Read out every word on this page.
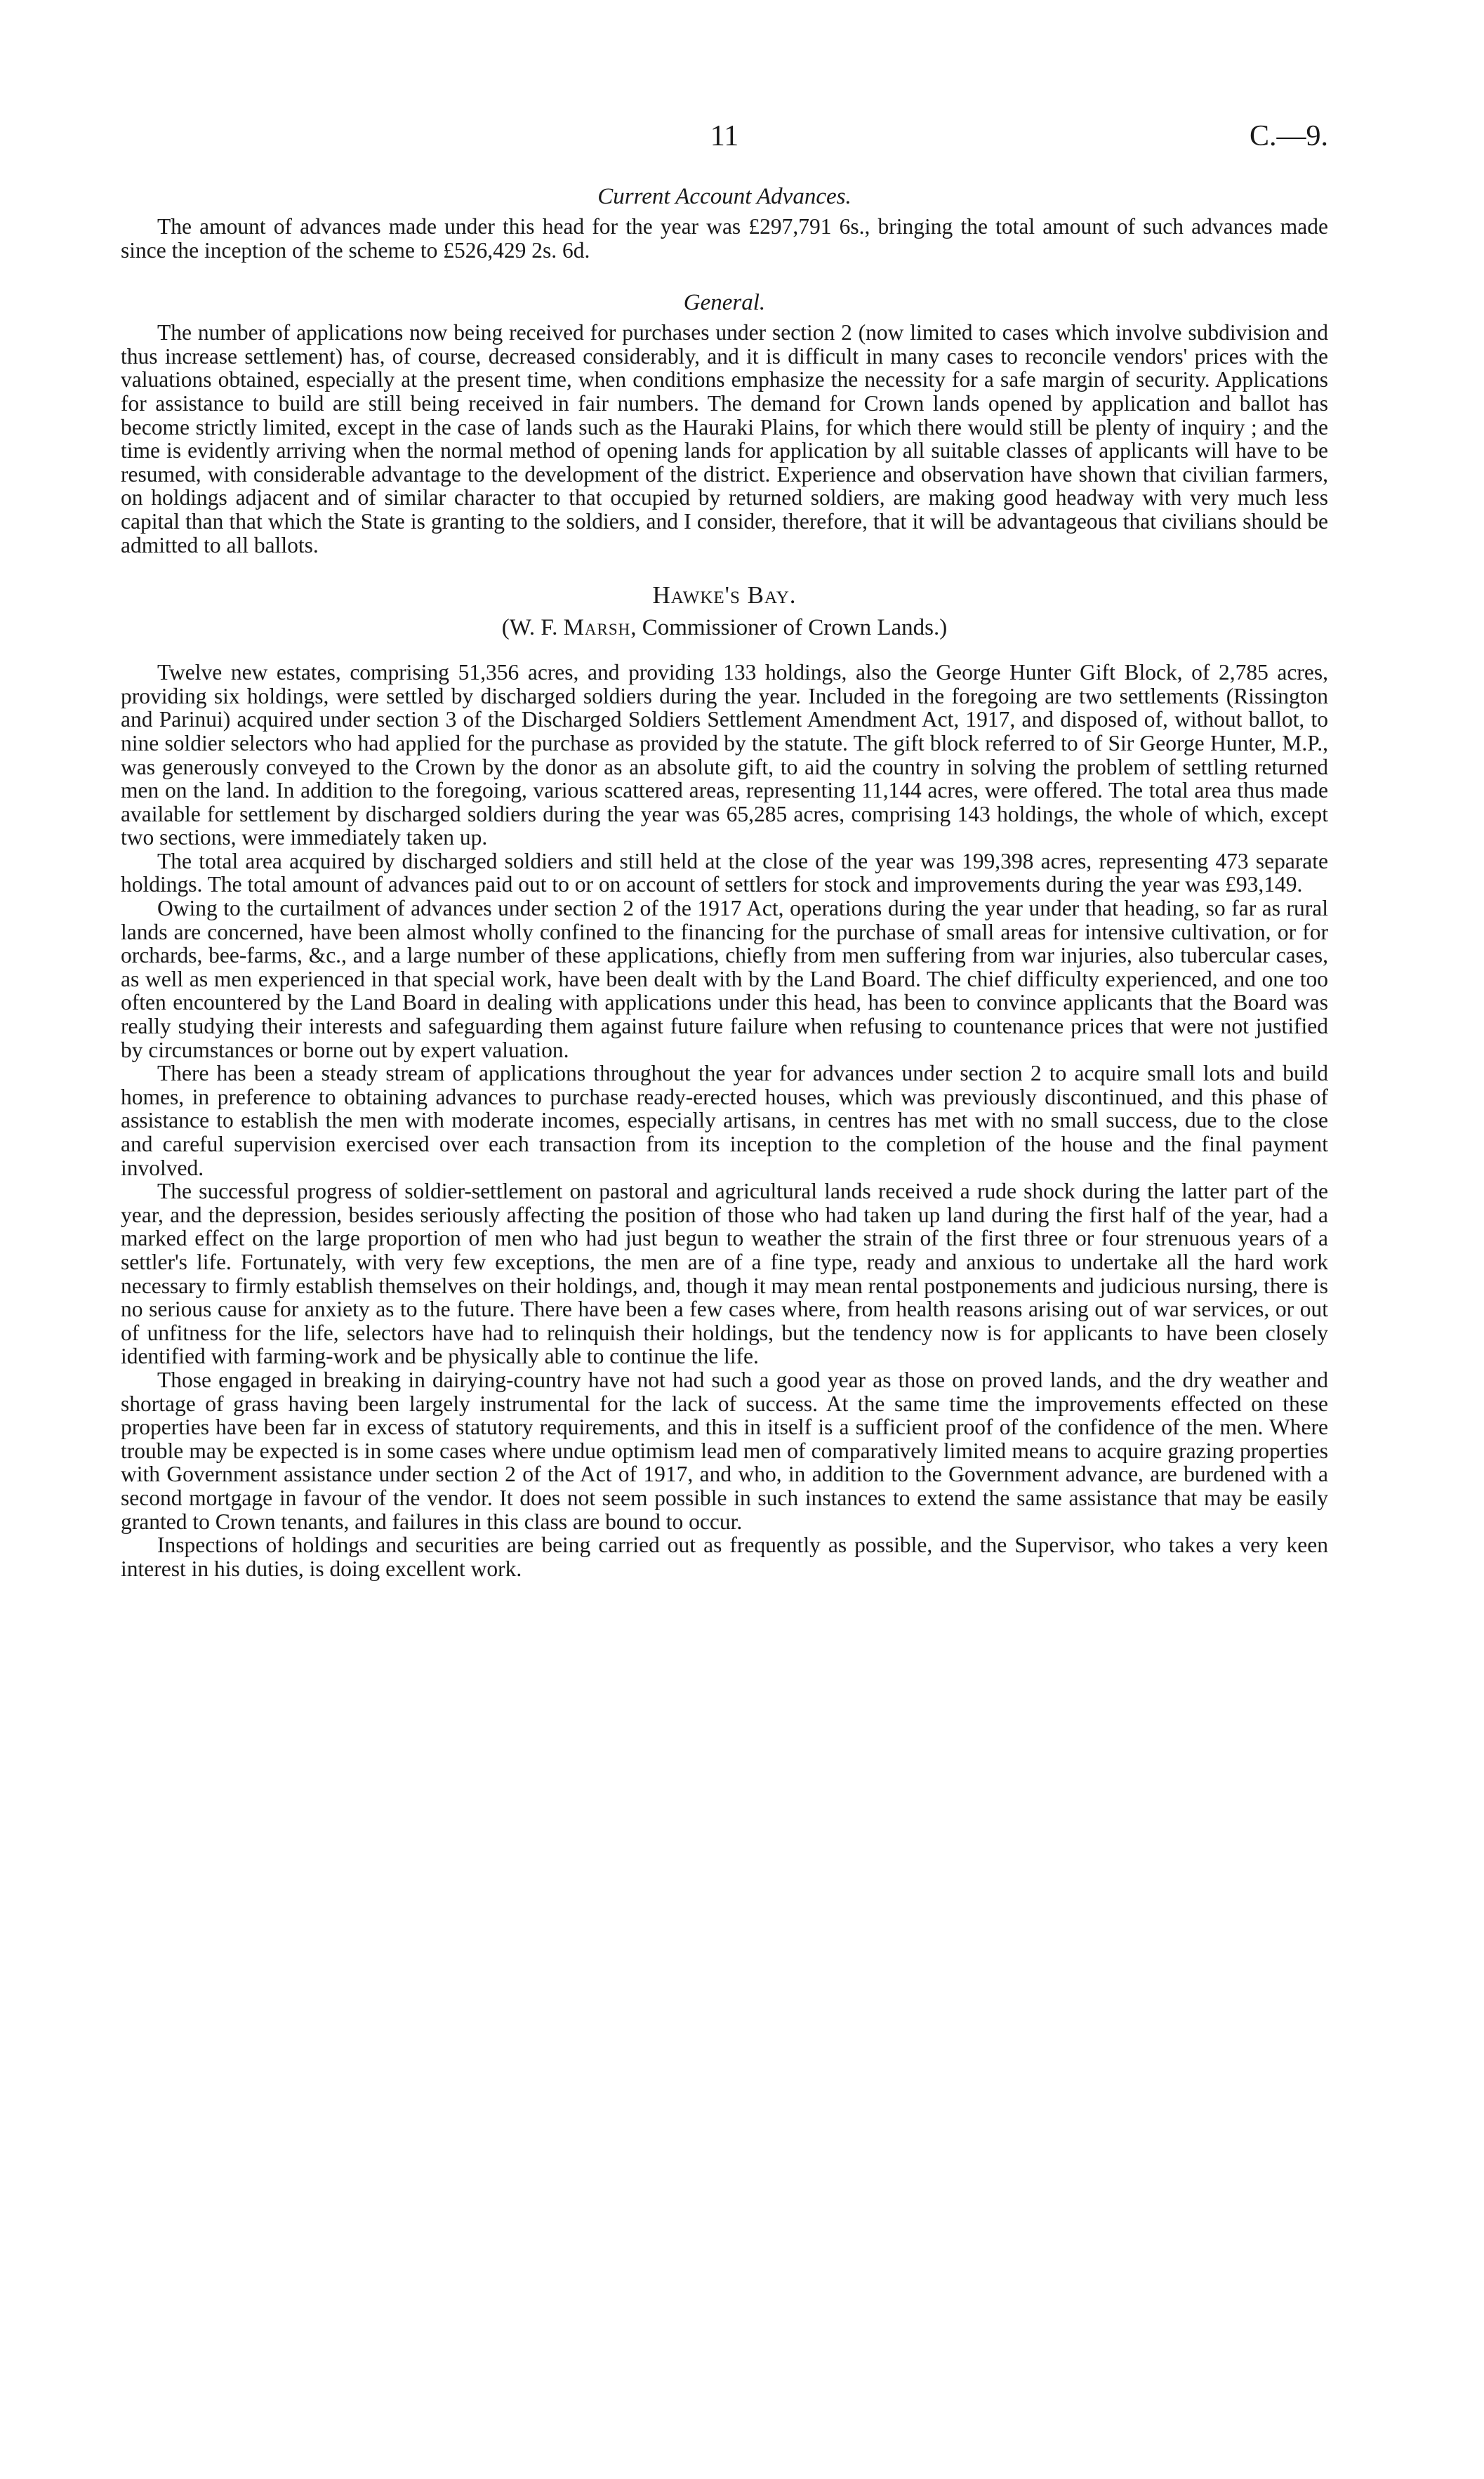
11	C.—9.
Current Account Advances.

The amount of advances made under this head for the year was £297,791 6s., bringing the total amount of such advances made since the inception of the scheme to £526,429 2s. 6d.

General.

The number of applications now being received for purchases under section 2 (now limited to cases which involve subdivision and thus increase settlement) has, of course, decreased considerably, and it is difficult in many cases to reconcile vendors' prices with the valuations obtained, especially at the present time, when conditions emphasize the necessity for a safe margin of security. Applications for assistance to build are still being received in fair numbers. The demand for Crown lands opened by application and ballot has become strictly limited, except in the case of lands such as the Hauraki Plains, for which there would still be plenty of inquiry ; and the time is evidently arriving when the normal method of opening lands for application by all suitable classes of applicants will have to be resumed, with considerable advantage to the development of the district. Experience and observation have shown that civilian farmers, on holdings adjacent and of similar character to that occupied by returned soldiers, are making good headway with very much less capital than that which the State is granting to the soldiers, and I consider, therefore, that it will be advantageous that civilians should be admitted to all ballots.

Hawke's Bay.
(W. F. Marsh, Commissioner of Crown Lands.)

Twelve new estates, comprising 51,356 acres, and providing 133 holdings, also the George Hunter Gift Block, of 2,785 acres, providing six holdings, were settled by discharged soldiers during the year. Included in the foregoing are two settlements (Rissington and Parinui) acquired under section 3 of the Discharged Soldiers Settlement Amendment Act, 1917, and disposed of, without ballot, to nine soldier selectors who had applied for the purchase as provided by the statute. The gift block referred to of Sir George Hunter, M.P., was generously conveyed to the Crown by the donor as an absolute gift, to aid the country in solving the problem of settling returned men on the land. In addition to the foregoing, various scattered areas, representing 11,144 acres, were offered. The total area thus made available for settlement by discharged soldiers during the year was 65,285 acres, comprising 143 holdings, the whole of which, except two sections, were immediately taken up.

The total area acquired by discharged soldiers and still held at the close of the year was 199,398 acres, representing 473 separate holdings. The total amount of advances paid out to or on account of settlers for stock and improvements during the year was £93,149.

Owing to the curtailment of advances under section 2 of the 1917 Act, operations during the year under that heading, so far as rural lands are concerned, have been almost wholly confined to the financing for the purchase of small areas for intensive cultivation, or for orchards, bee-farms, &c., and a large number of these applications, chiefly from men suffering from war injuries, also tubercular cases, as well as men experienced in that special work, have been dealt with by the Land Board. The chief difficulty experienced, and one too often encountered by the Land Board in dealing with applications under this head, has been to convince applicants that the Board was really studying their interests and safeguarding them against future failure when refusing to countenance prices that were not justified by circumstances or borne out by expert valuation.

There has been a steady stream of applications throughout the year for advances under section 2 to acquire small lots and build homes, in preference to obtaining advances to purchase ready-erected houses, which was previously discontinued, and this phase of assistance to establish the men with moderate incomes, especially artisans, in centres has met with no small success, due to the close and careful supervision exercised over each transaction from its inception to the completion of the house and the final payment involved.

The successful progress of soldier-settlement on pastoral and agricultural lands received a rude shock during the latter part of the year, and the depression, besides seriously affecting the position of those who had taken up land during the first half of the year, had a marked effect on the large proportion of men who had just begun to weather the strain of the first three or four strenuous years of a settler's life. Fortunately, with very few exceptions, the men are of a fine type, ready and anxious to undertake all the hard work necessary to firmly establish themselves on their holdings, and, though it may mean rental postponements and judicious nursing, there is no serious cause for anxiety as to the future. There have been a few cases where, from health reasons arising out of war services, or out of unfitness for the life, selectors have had to relinquish their holdings, but the tendency now is for applicants to have been closely identified with farming-work and be physically able to continue the life.

Those engaged in breaking in dairying-country have not had such a good year as those on proved lands, and the dry weather and shortage of grass having been largely instrumental for the lack of success. At the same time the improvements effected on these properties have been far in excess of statutory requirements, and this in itself is a sufficient proof of the confidence of the men. Where trouble may be expected is in some cases where undue optimism lead men of comparatively limited means to acquire grazing properties with Government assistance under section 2 of the Act of 1917, and who, in addition to the Government advance, are burdened with a second mortgage in favour of the vendor. It does not seem possible in such instances to extend the same assistance that may be easily granted to Crown tenants, and failures in this class are bound to occur.

Inspections of holdings and securities are being carried out as frequently as possible, and the Supervisor, who takes a very keen interest in his duties, is doing excellent work.
